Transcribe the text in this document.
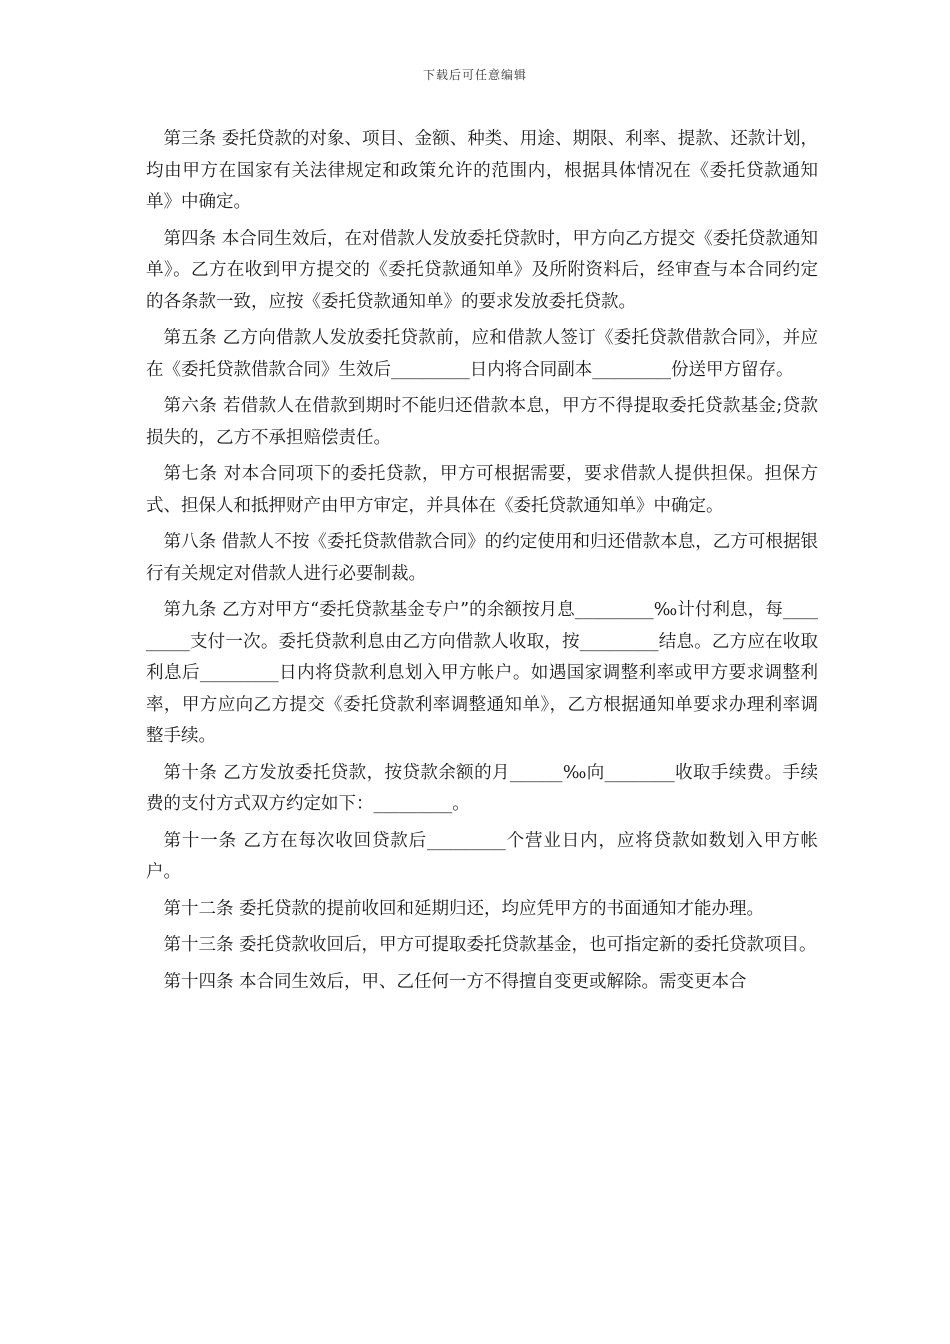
下载后可任意编辑

第三条 委托贷款的对象、项目、金额、种类、用途、期限、利率、提款、还款计划，均由甲方在国家有关法律规定和政策允许的范围内，根据具体情况在《委托贷款通知单》中确定。

第四条 本合同生效后，在对借款人发放委托贷款时，甲方向乙方提交《委托贷款通知单》。乙方在收到甲方提交的《委托贷款通知单》及所附资料后，经审查与本合同约定的各条款一致，应按《委托贷款通知单》的要求发放委托贷款。

第五条 乙方向借款人发放委托贷款前，应和借款人签订《委托贷款借款合同》，并应在《委托贷款借款合同》生效后_________日内将合同副本_________份送甲方留存。

第六条 若借款人在借款到期时不能归还借款本息，甲方不得提取委托贷款基金;贷款损失的，乙方不承担赔偿责任。

第七条 对本合同项下的委托贷款，甲方可根据需要，要求借款人提供担保。担保方式、担保人和抵押财产由甲方审定，并具体在《委托贷款通知单》中确定。

第八条 借款人不按《委托贷款借款合同》的约定使用和归还借款本息，乙方可根据银行有关规定对借款人进行必要制裁。

第九条 乙方对甲方“委托贷款基金专户”的余额按月息_________‰计付利息，每_________支付一次。委托贷款利息由乙方向借款人收取，按_________结息。乙方应在收取利息后_________日内将贷款利息划入甲方帐户。如遇国家调整利率或甲方要求调整利率，甲方应向乙方提交《委托贷款利率调整通知单》，乙方根据通知单要求办理利率调整手续。

第十条 乙方发放委托贷款，按贷款余额的月______‰向________收取手续费。手续费的支付方式双方约定如下：_________。

第十一条 乙方在每次收回贷款后_________个营业日内，应将贷款如数划入甲方帐户。

第十二条 委托贷款的提前收回和延期归还，均应凭甲方的书面通知才能办理。

第十三条 委托贷款收回后，甲方可提取委托贷款基金，也可指定新的委托贷款项目。

第十四条 本合同生效后，甲、乙任何一方不得擅自变更或解除。需变更本合
